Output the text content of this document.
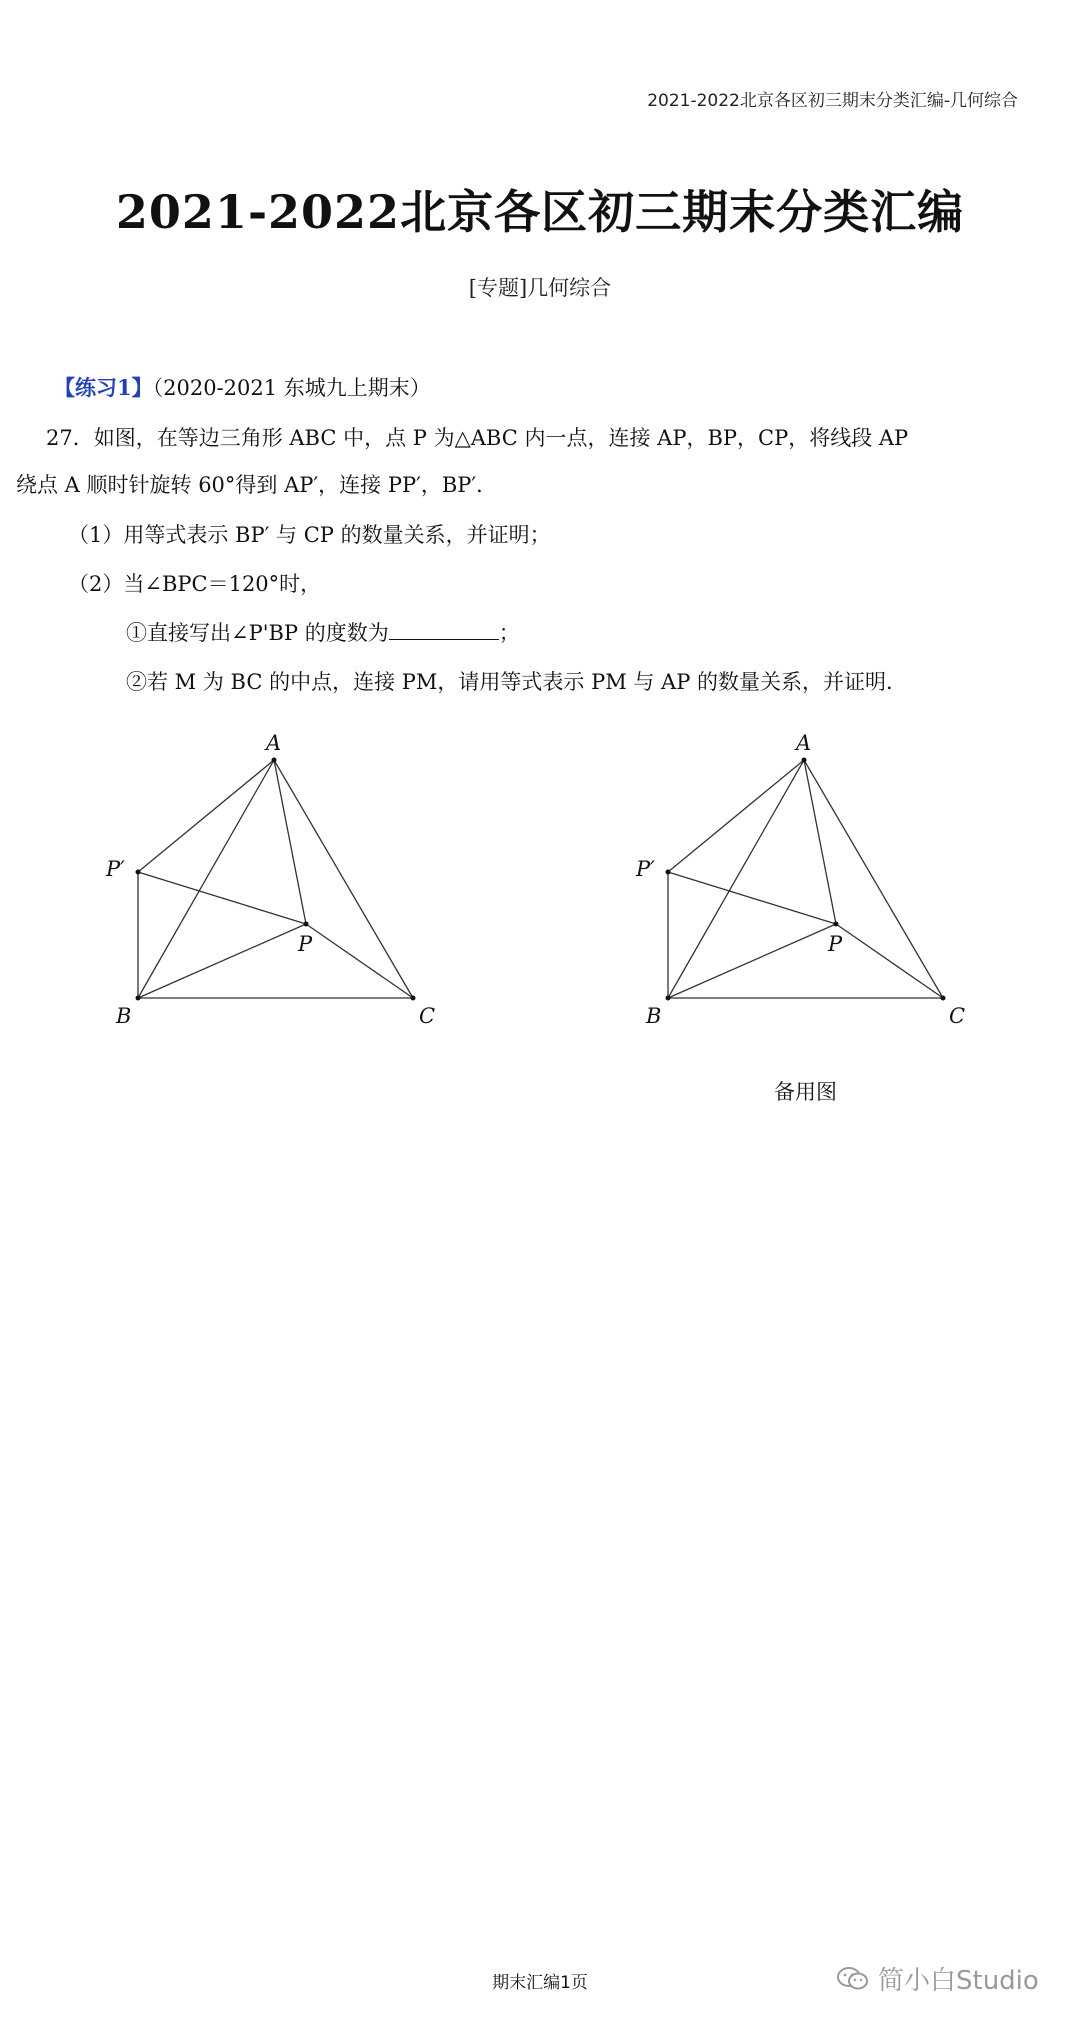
2021-2022北京各区初三期末分类汇编-几何综合
2021-2022北京各区初三期末分类汇编
[专题]几何综合
【练习1】（2020-2021 东城九上期末）
27．如图，在等边三角形 ABC 中，点 P 为△ABC 内一点，连接 AP，BP，CP，将线段 AP
绕点 A 顺时针旋转 60°得到 AP′，连接 PP′，BP′．
（1）用等式表示 BP′ 与 CP 的数量关系，并证明；
（2）当∠BPC＝120°时，
①直接写出∠P'BP 的度数为	；
②若 M 为 BC 的中点，连接 PM，请用等式表示 PM 与 AP 的数量关系，并证明．
A
P′
P
B	C
A
P′
P
B	C
备用图
期末汇编1页	简小白Studio
